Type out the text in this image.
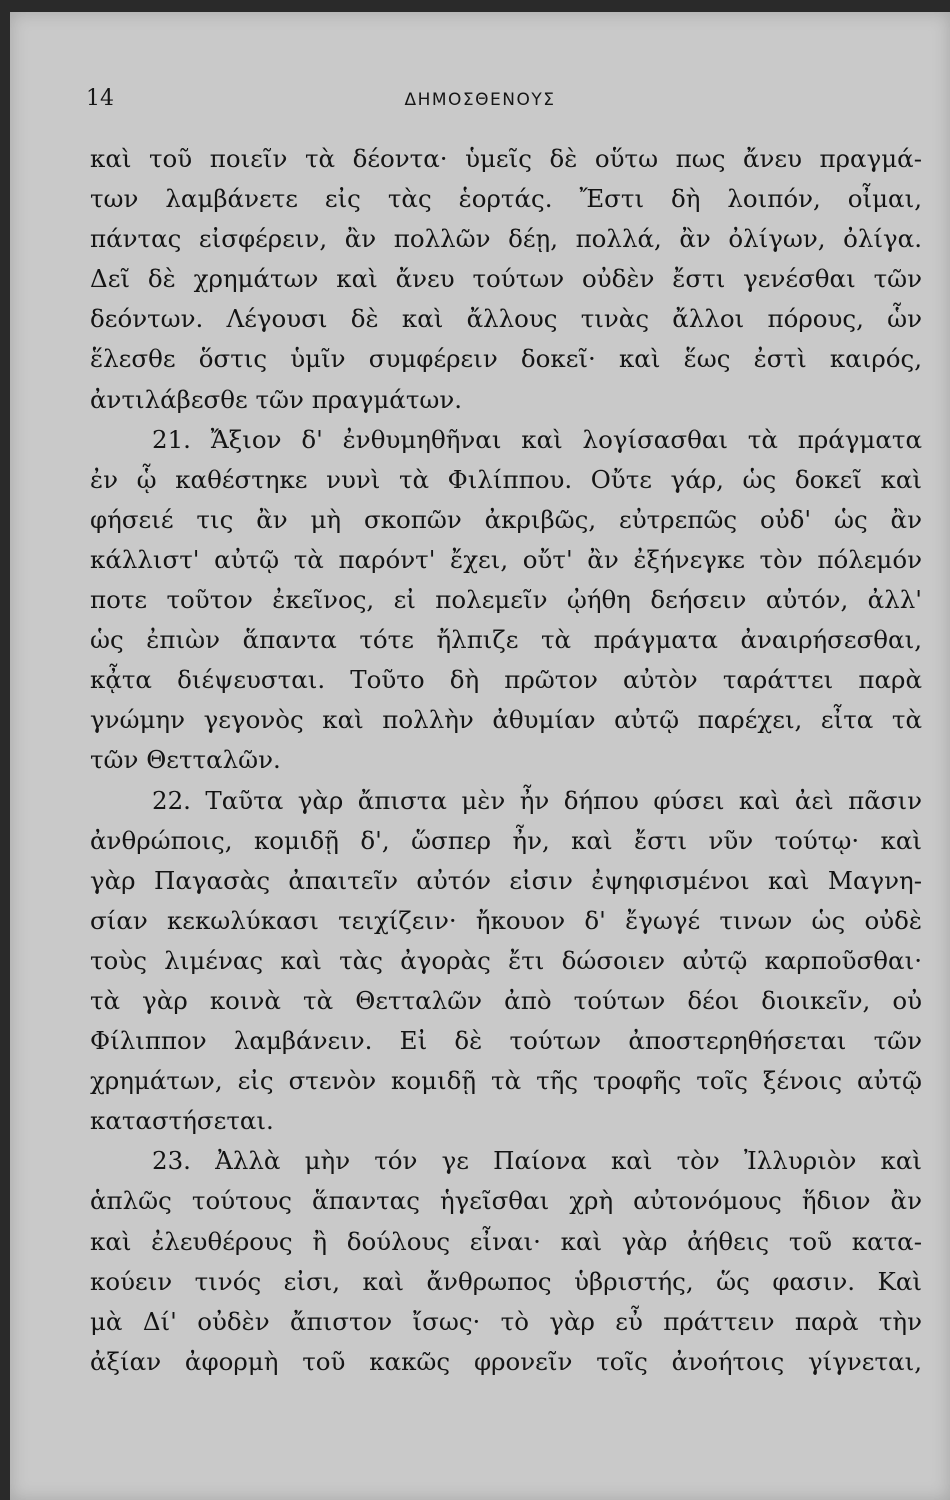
14	ΔΗΜΟΣΘΕΝΟΥΣ
καὶ τοῦ ποιεῖν τὰ δέοντα· ὑμεῖς δὲ οὕτω πως ἄνευ πραγμά-
των λαμβάνετε εἰς τὰς ἑορτάς. Ἔστι δὴ λοιπόν, οἶμαι,
πάντας εἰσφέρειν, ἂν πολλῶν δέῃ, πολλά, ἂν ὀλίγων, ὀλίγα.
Δεῖ δὲ χρημάτων καὶ ἄνευ τούτων οὐδὲν ἔστι γενέσθαι τῶν
δεόντων. Λέγουσι δὲ καὶ ἄλλους τινὰς ἄλλοι πόρους, ὧν
ἕλεσθε ὅστις ὑμῖν συμφέρειν δοκεῖ· καὶ ἕως ἐστὶ καιρός,
ἀντιλάβεσθε τῶν πραγμάτων.
21. Ἄξιον δ' ἐνθυμηθῆναι καὶ λογίσασθαι τὰ πράγματα
ἐν ᾧ καθέστηκε νυνὶ τὰ Φιλίππου. Οὔτε γάρ, ὡς δοκεῖ καὶ
φήσειέ τις ἂν μὴ σκοπῶν ἀκριβῶς, εὐτρεπῶς οὐδ' ὡς ἂν
κάλλιστ' αὐτῷ τὰ παρόντ' ἔχει, οὔτ' ἂν ἐξήνεγκε τὸν πόλεμόν
ποτε τοῦτον ἐκεῖνος, εἰ πολεμεῖν ᾠήθη δεήσειν αὐτόν, ἀλλ'
ὡς ἐπιὼν ἅπαντα τότε ἤλπιζε τὰ πράγματα ἀναιρήσεσθαι,
κᾆτα διέψευσται. Τοῦτο δὴ πρῶτον αὐτὸν ταράττει παρὰ
γνώμην γεγονὸς καὶ πολλὴν ἀθυμίαν αὐτῷ παρέχει, εἶτα τὰ
τῶν Θετταλῶν.
22. Ταῦτα γὰρ ἄπιστα μὲν ἦν δήπου φύσει καὶ ἀεὶ πᾶσιν
ἀνθρώποις, κομιδῇ δ', ὥσπερ ἦν, καὶ ἔστι νῦν τούτῳ· καὶ
γὰρ Παγασὰς ἀπαιτεῖν αὐτόν εἰσιν ἐψηφισμένοι καὶ Μαγνη-
σίαν κεκωλύκασι τειχίζειν· ἤκουον δ' ἔγωγέ τινων ὡς οὐδὲ
τοὺς λιμένας καὶ τὰς ἀγορὰς ἔτι δώσοιεν αὐτῷ καρποῦσθαι·
τὰ γὰρ κοινὰ τὰ Θετταλῶν ἀπὸ τούτων δέοι διοικεῖν, οὐ
Φίλιππον λαμβάνειν. Εἰ δὲ τούτων ἀποστερηθήσεται τῶν
χρημάτων, εἰς στενὸν κομιδῇ τὰ τῆς τροφῆς τοῖς ξένοις αὐτῷ
καταστήσεται.
23. Ἀλλὰ μὴν τόν γε Παίονα καὶ τὸν Ἰλλυριὸν καὶ
ἁπλῶς τούτους ἅπαντας ἡγεῖσθαι χρὴ αὐτονόμους ἥδιον ἂν
καὶ ἐλευθέρους ἢ δούλους εἶναι· καὶ γὰρ ἀήθεις τοῦ κατα-
κούειν τινός εἰσι, καὶ ἄνθρωπος ὑβριστής, ὥς φασιν. Καὶ
μὰ Δί' οὐδὲν ἄπιστον ἴσως· τὸ γὰρ εὖ πράττειν παρὰ τὴν
ἀξίαν ἀφορμὴ τοῦ κακῶς φρονεῖν τοῖς ἀνοήτοις γίγνεται,
